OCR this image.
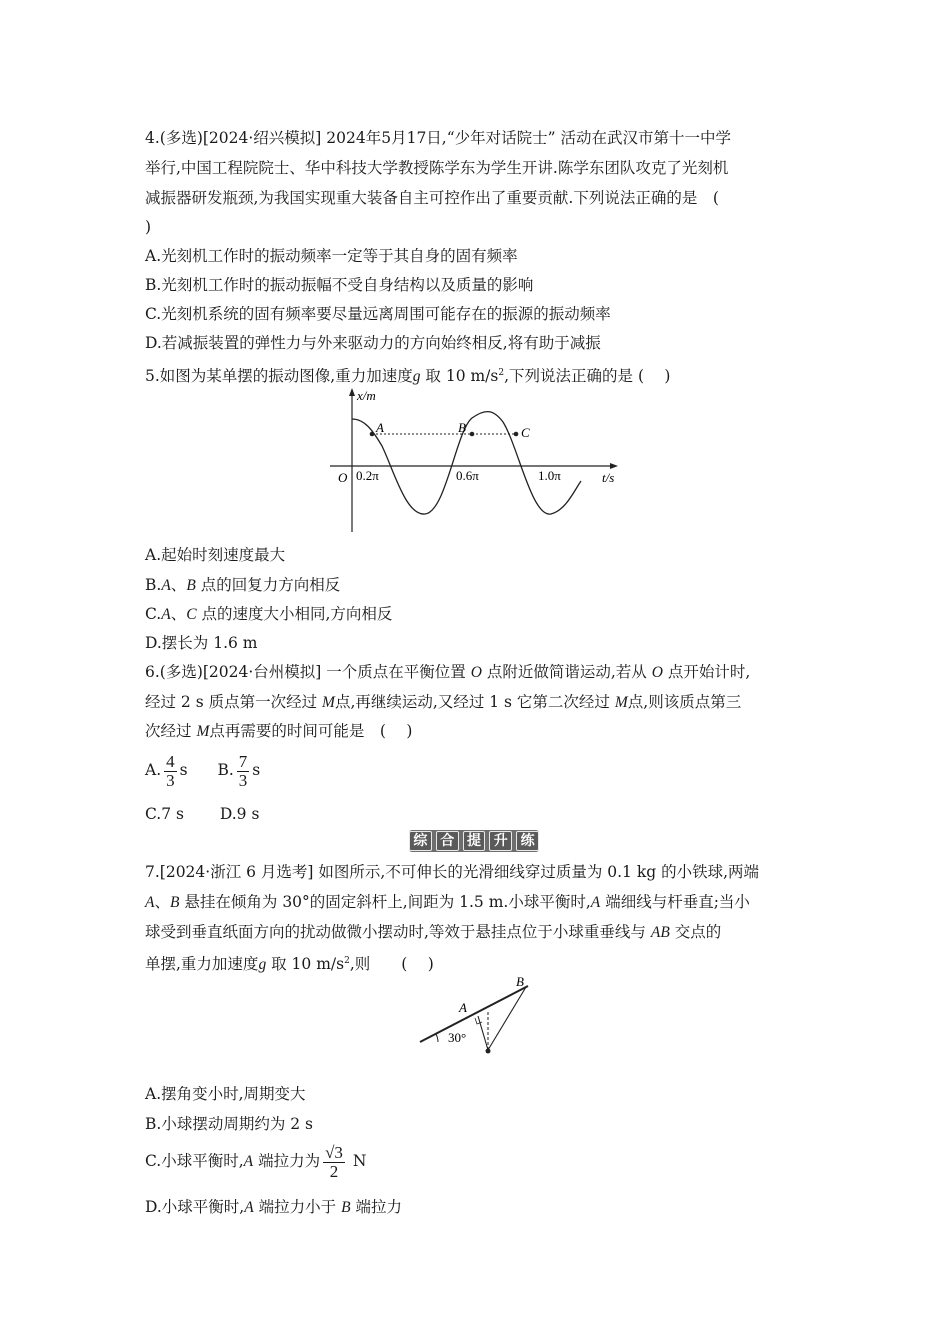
4.(多选)[2024·绍兴模拟] 2024年5月17日,“少年对话院士” 活动在武汉市第十一中学
举行,中国工程院院士、华中科技大学教授陈学东为学生开讲.陈学东团队攻克了光刻机
减振器研发瓶颈,为我国实现重大装备自主可控作出了重要贡献.下列说法正确的是　(
)
A.光刻机工作时的振动频率一定等于其自身的固有频率
B.光刻机工作时的振动振幅不受自身结构以及质量的影响
C.光刻机系统的固有频率要尽量远离周围可能存在的振源的振动频率
D.若减振装置的弹性力与外来驱动力的方向始终相反,将有助于减振
5.如图为某单摆的振动图像,重力加速度g 取 10 $m/s^2$,下列说法正确的是 (　 )
x/m
t/s
O 0.2π	0.6π	1.0π
A	B	C
A.起始时刻速度最大
B.A、B 点的回复力方向相反
C.A、C 点的速度大小相同,方向相反
D.摆长为 1.6 m
6.(多选)[2024·台州模拟] 一个质点在平衡位置 O 点附近做简谐运动,若从 O 点开始计时,
经过 2 s 质点第一次经过 M点,再继续运动,又经过 1 s 它第二次经过 M点,则该质点第三
次经过 M点再需要的时间可能是　(　 )
A. $\frac{4}{3}$ s B. $\frac{7}{3}$ s
C.7 s D.9 s
综 合 提 升 练
7.[2024·浙江 6 月选考] 如图所示,不可伸长的光滑细线穿过质量为 0.1 kg 的小铁球,两端
A、B 悬挂在倾角为 30°的固定斜杆上,间距为 1.5 m.小球平衡时,A 端细线与杆垂直;当小
球受到垂直纸面方向的扰动做微小摆动时,等效于悬挂点位于小球重垂线与 AB 交点的
单摆,重力加速度g 取 10 $m/s^2$,则　　(　 )
A
B
30°
A.摆角变小时,周期变大
B.小球摆动周期约为 2 s
C.小球平衡时,A 端拉力为 $\frac{√3}{2}$ N
D.小球平衡时,A 端拉力小于 B 端拉力
